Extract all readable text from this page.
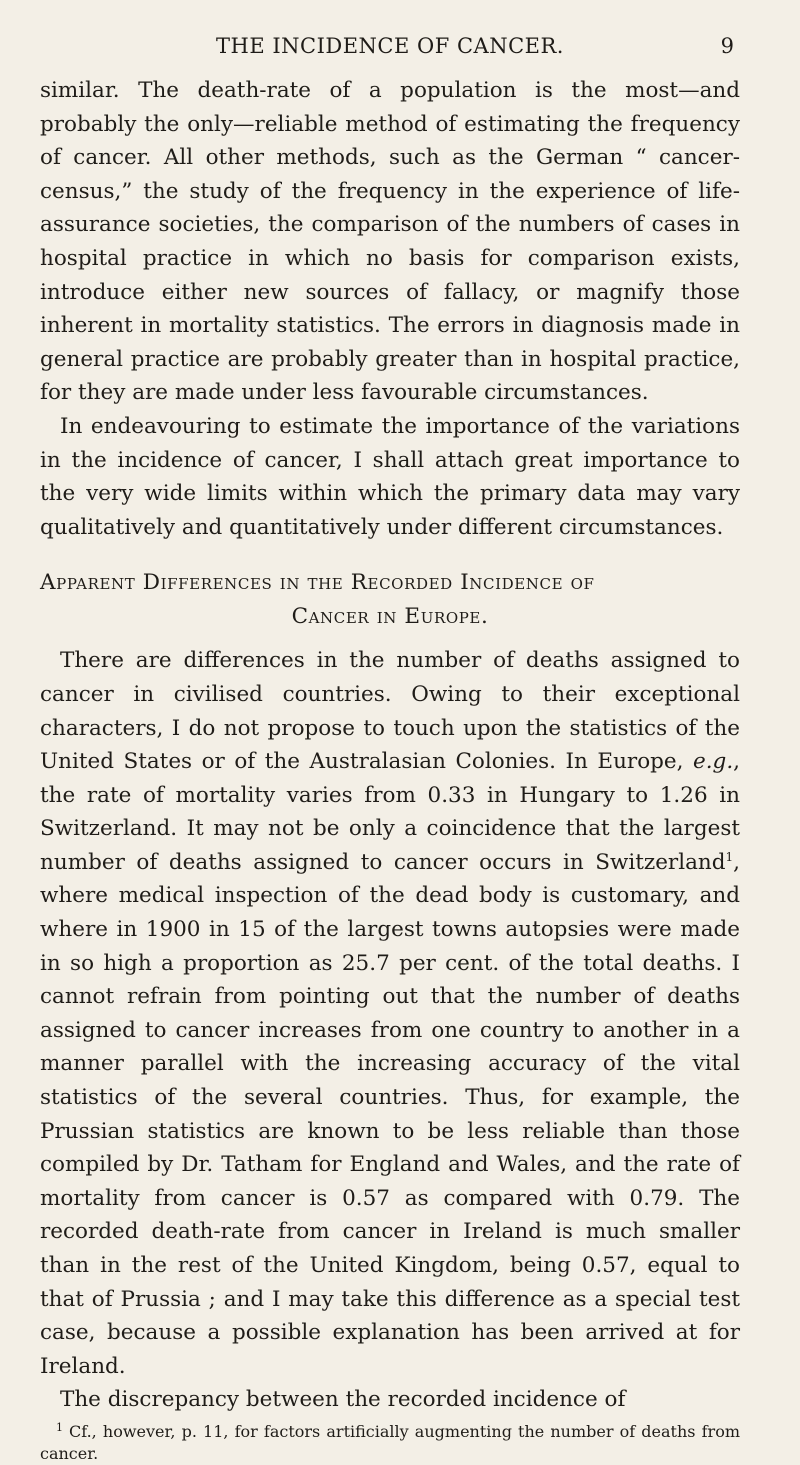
THE INCIDENCE OF CANCER.	9

similar. The death-rate of a population is the most—and probably the only—reliable method of estimating the frequency of cancer. All other methods, such as the German “ cancer-census,” the study of the frequency in the experience of life-assurance societies, the comparison of the numbers of cases in hospital practice in which no basis for comparison exists, introduce either new sources of fallacy, or magnify those inherent in mortality statistics. The errors in diagnosis made in general practice are probably greater than in hospital practice, for they are made under less favourable circumstances.

In endeavouring to estimate the importance of the variations in the incidence of cancer, I shall attach great importance to the very wide limits within which the primary data may vary qualitatively and quantitatively under different circumstances.

Apparent Differences in the Recorded Incidence of
Cancer in Europe.

There are differences in the number of deaths assigned to cancer in civilised countries. Owing to their exceptional characters, I do not propose to touch upon the statistics of the United States or of the Australasian Colonies. In Europe, e.g., the rate of mortality varies from 0.33 in Hungary to 1.26 in Switzerland. It may not be only a coincidence that the largest number of deaths assigned to cancer occurs in Switzerland$^1$, where medical inspection of the dead body is customary, and where in 1900 in 15 of the largest towns autopsies were made in so high a proportion as 25.7 per cent. of the total deaths. I cannot refrain from pointing out that the number of deaths assigned to cancer increases from one country to another in a manner parallel with the increasing accuracy of the vital statistics of the several countries. Thus, for example, the Prussian statistics are known to be less reliable than those compiled by Dr. Tatham for England and Wales, and the rate of mortality from cancer is 0.57 as compared with 0.79. The recorded death-rate from cancer in Ireland is much smaller than in the rest of the United Kingdom, being 0.57, equal to that of Prussia ; and I may take this difference as a special test case, because a possible explanation has been arrived at for Ireland.

The discrepancy between the recorded incidence of

$^1$ Cf., however, p. 11, for factors artificially augmenting the number of deaths from cancer.
